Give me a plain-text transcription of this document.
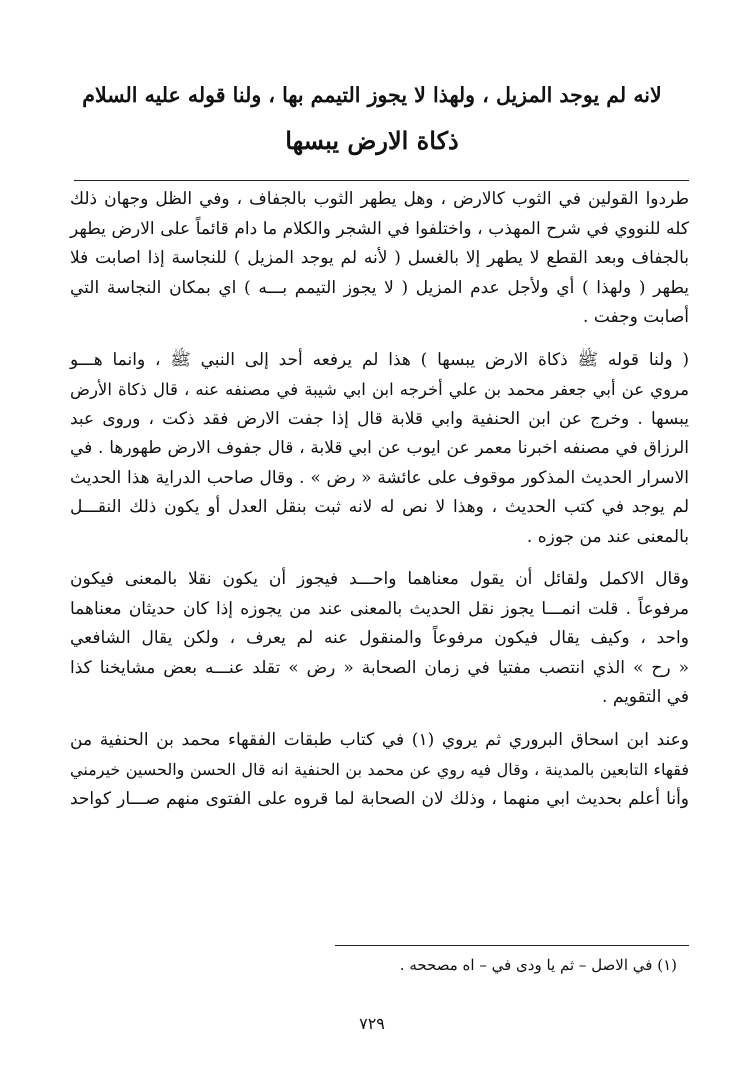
لانه لم يوجد المزيل ، ولهذا لا يجوز التيمم بها ، ولنا قوله عليه السلام
ذكاة الارض يبسها
طردوا القولين في الثوب كالارض ، وهل يطهر الثوب بالجفاف ، وفي الظل وجهان ذلك
كله للنووي في شرح المهذب ، واختلفوا في الشجر والكلام ما دام قائماً على الارض يطهر
بالجفاف وبعد القطع لا يطهر إلا بالغسل ( لأنه لم يوجد المزيل ) للنجاسة إذا اصابت فلا
يطهر ( ولهذا ) أي ولأجل عدم المزيل ( لا يجوز التيمم بـــه ) اي بمكان النجاسة التي
أصابت وجفت .
( ولنا قوله ﷺ ذكاة الارض يبسها ) هذا لم يرفعه أحد إلى النبي ﷺ ، وانما هـــو
مروي عن أبي جعفر محمد بن علي أخرجه ابن ابي شيبة في مصنفه عنه ، قال ذكاة الأرض
يبسها . وخرج عن ابن الحنفية وابي قلابة قال إذا جفت الارض فقد ذكت ، وروى عبد
الرزاق في مصنفه اخبرنا معمر عن ايوب عن ابي قلابة ، قال جفوف الارض طهورها . في
الاسرار الحديث المذكور موقوف على عائشة « رض » . وقال صاحب الدراية هذا الحديث
لم يوجد في كتب الحديث ، وهذا لا نص له لانه ثبت بنقل العدل أو يكون ذلك النقـــل
بالمعنى عند من جوزه .
وقال الاكمل ولقائل أن يقول معناهما واحـــد فيجوز أن يكون نقلا بالمعنى فيكون
مرفوعاً . قلت انمـــا يجوز نقل الحديث بالمعنى عند من يجوزه إذا كان حديثان معناهما
واحد ، وكيف يقال فيكون مرفوعاً والمنقول عنه لم يعرف ، ولكن يقال الشافعي
« رح » الذي انتصب مفتيا في زمان الصحابة « رض » تقلد عنـــه بعض مشايخنا كذا
في التقويم .
وعند ابن اسحاق البروري ثم يروي (١) في كتاب طبقات الفقهاء محمد بن الحنفية من
فقهاء التابعين بالمدينة ، وقال فيه روي عن محمد بن الحنفية انه قال الحسن والحسين خيرمني
وأنا أعلم بحديث ابي منهما ، وذلك لان الصحابة لما قروه على الفتوى منهم صـــار كواحد
(١) في الاصل – ثم يا ودى في – اه مصححه .
٧٢٩
